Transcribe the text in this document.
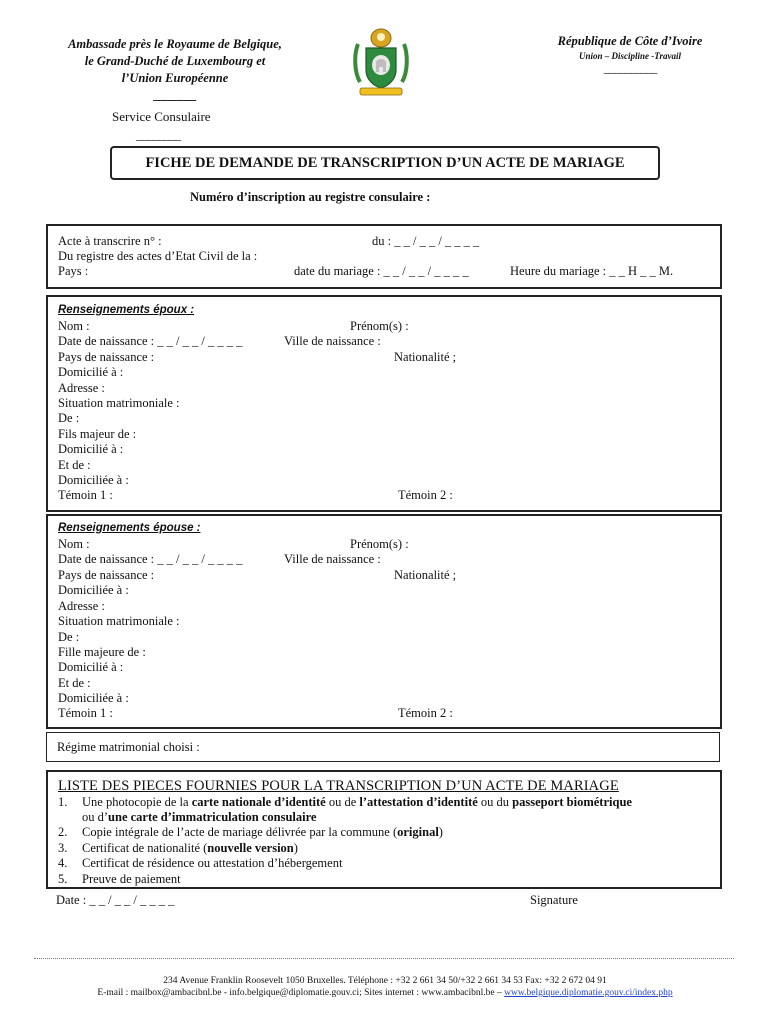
Ambassade près le Royaume de Belgique,
le Grand-Duché de Luxembourg et
l’Union Européenne
________
République de Côte d’Ivoire
Union – Discipline -Travail
__________
Service Consulaire
________
FICHE DE DEMANDE DE TRANSCRIPTION D’UN ACTE DE MARIAGE
Numéro d’inscription au registre consulaire :
Acte à transcrire n° :	du : _ _ / _ _ / _ _ _ _
Du registre des actes d’Etat Civil de la :
Pays :	date du mariage : _ _ / _ _ / _ _ _ _	Heure du mariage : _ _ H _ _ M.
Renseignements époux :
Nom :	Prénom(s) :
Date de naissance : _ _ / _ _ / _ _ _ _	Ville de naissance :
Pays de naissance :	Nationalité ;
Domicilié à :
Adresse :
Situation matrimoniale :
De :
Fils majeur de :
Domicilié à :
Et de :
Domiciliée à :
Témoin 1 :	Témoin 2 :
Renseignements épouse :
Nom :	Prénom(s) :
Date de naissance : _ _ / _ _ / _ _ _ _	Ville de naissance :
Pays de naissance :	Nationalité ;
Domiciliée à :
Adresse :
Situation matrimoniale :
De :
Fille majeure de :
Domicilié à :
Et de :
Domiciliée à :
Témoin 1 :	Témoin 2 :
Régime matrimonial choisi :
LISTE DES PIECES FOURNIES POUR LA TRANSCRIPTION D’UN ACTE DE MARIAGE
1. Une photocopie de la carte nationale d’identité ou de l’attestation d’identité ou du passeport biométrique
ou d’une carte d’immatriculation consulaire
2. Copie intégrale de l’acte de mariage délivrée par la commune (original)
3. Certificat de nationalité (nouvelle version)
4. Certificat de résidence ou attestation d’hébergement
5. Preuve de paiement
Date : _ _ / _ _ / _ _ _ _	Signature
234 Avenue Franklin Roosevelt 1050 Bruxelles. Téléphone : +32 2 661 34 50/+32 2 661 34 53 Fax: +32 2 672 04 91
E-mail : mailbox@ambacibnl.be - info.belgique@diplomatie.gouv.ci; Sites internet : www.ambacibnl.be – www.belgique.diplomatie.gouv.ci/index.php
